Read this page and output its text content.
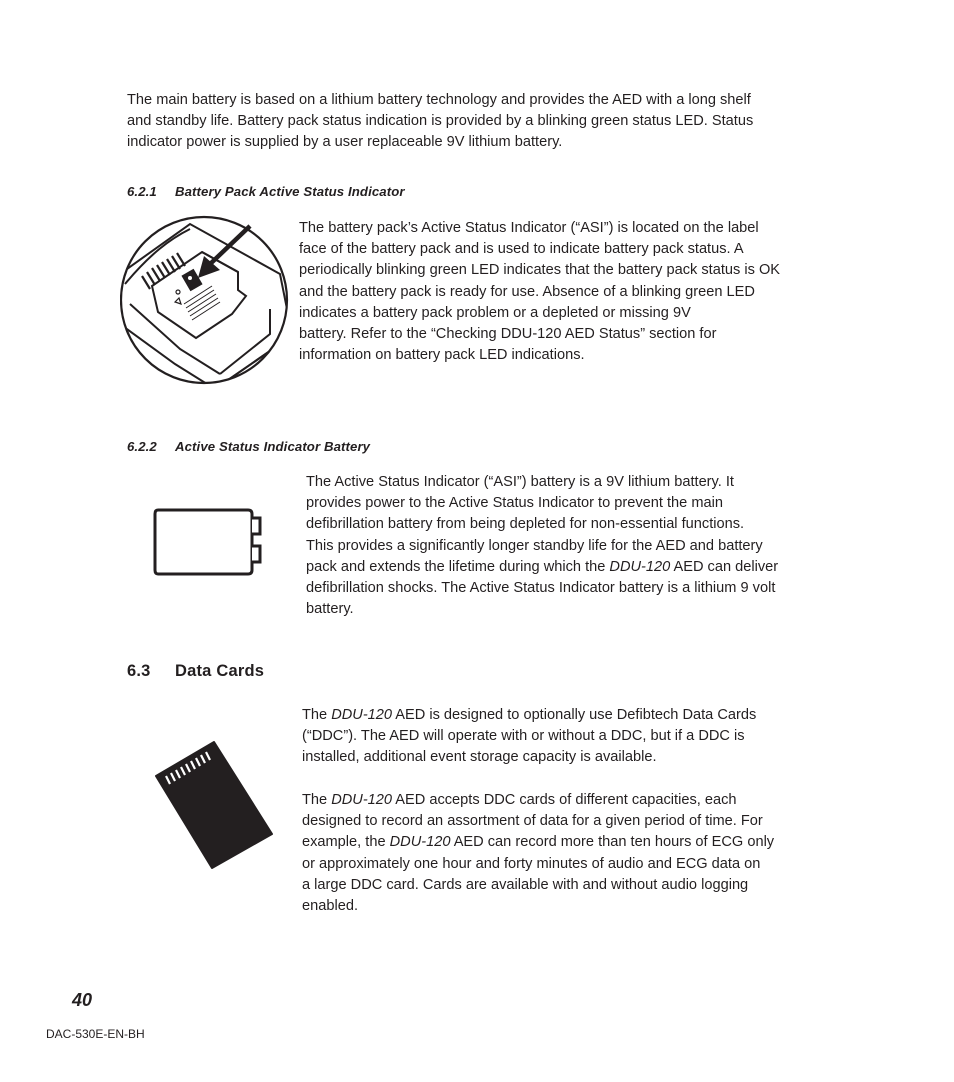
The main battery is based on a lithium battery technology and provides the AED with a long shelf
and standby life. Battery pack status indication is provided by a blinking green status LED. Status
indicator power is supplied by a user replaceable 9V lithium battery.
6.2.1 Battery Pack Active Status Indicator
The battery pack’s Active Status Indicator (“ASI”) is located on the label
face of the battery pack and is used to indicate battery pack status. A
periodically blinking green LED indicates that the battery pack status is OK
and the battery pack is ready for use. Absence of a blinking green LED
indicates a battery pack problem or a depleted or missing 9V
battery. Refer to the “Checking DDU-120 AED Status” section for
information on battery pack LED indications.
6.2.2 Active Status Indicator Battery
The Active Status Indicator (“ASI”) battery is a 9V lithium battery. It
provides power to the Active Status Indicator to prevent the main
defibrillation battery from being depleted for non-essential functions.
This provides a significantly longer standby life for the AED and battery
pack and extends the lifetime during which the DDU-120 AED can deliver
defibrillation shocks. The Active Status Indicator battery is a lithium 9 volt
battery.
6.3 Data Cards
The DDU-120 AED is designed to optionally use Defibtech Data Cards
(“DDC”). The AED will operate with or without a DDC, but if a DDC is
installed, additional event storage capacity is available.
The DDU-120 AED accepts DDC cards of different capacities, each
designed to record an assortment of data for a given period of time. For
example, the DDU-120 AED can record more than ten hours of ECG only
or approximately one hour and forty minutes of audio and ECG data on
a large DDC card. Cards are available with and without audio logging
enabled.
40
DAC-530E-EN-BH
